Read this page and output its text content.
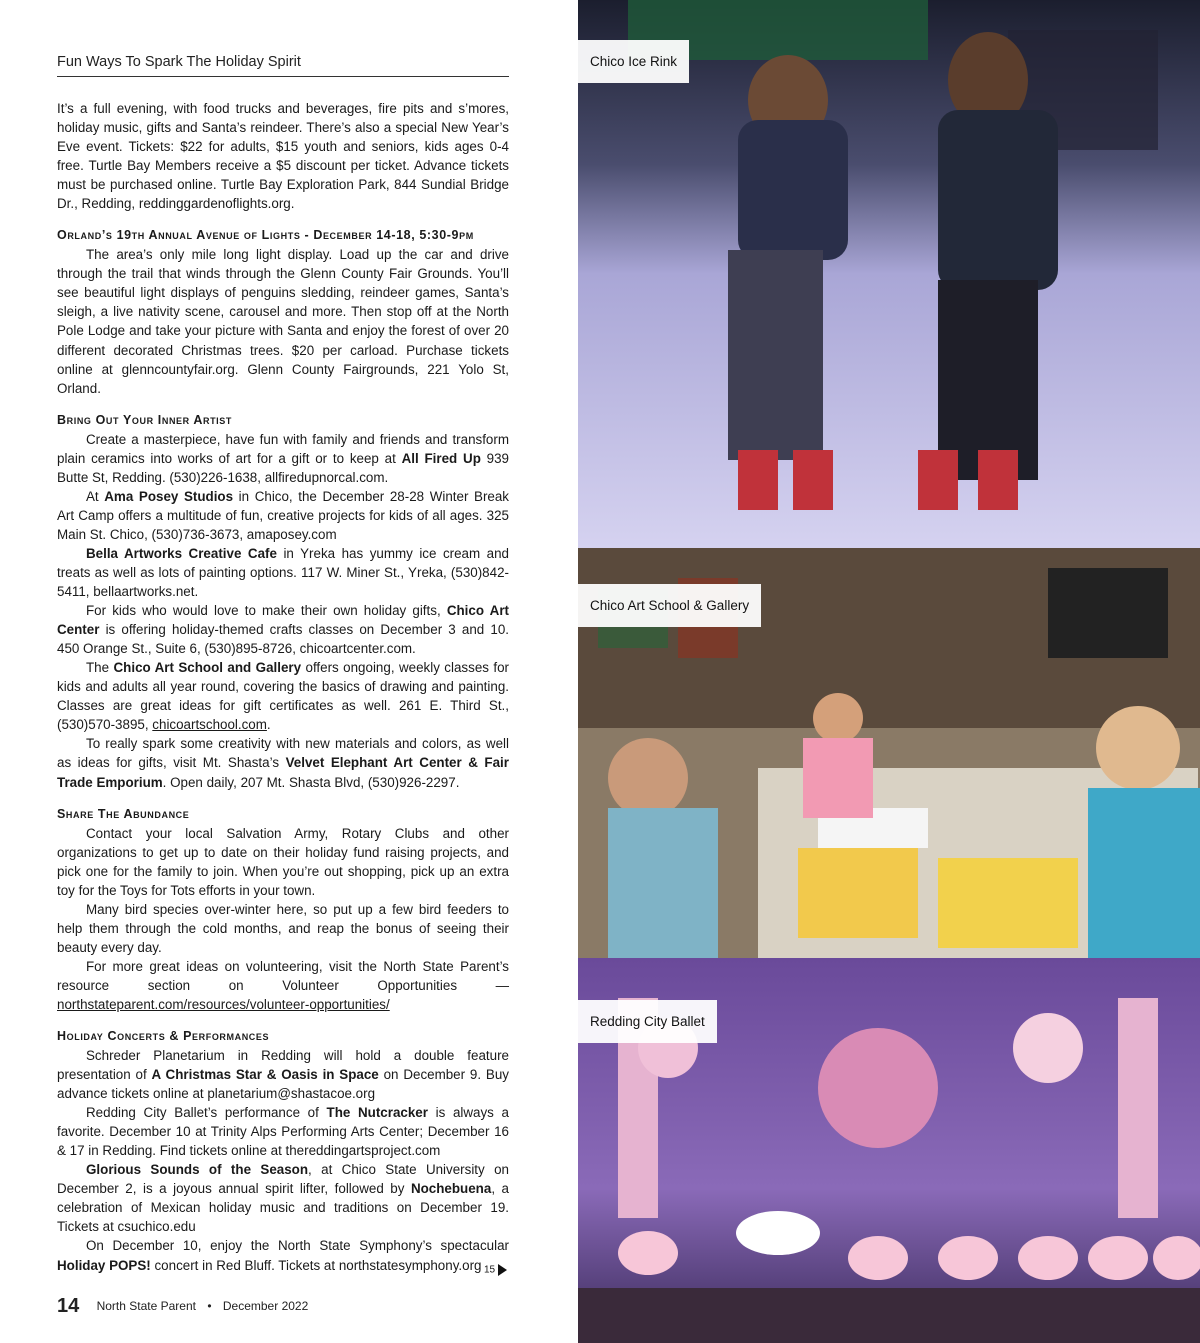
Fun Ways To Spark The Holiday Spirit

It’s a full evening, with food trucks and beverages, fire pits and s’mores, holiday music, gifts and Santa’s reindeer. There’s also a special New Year’s Eve event. Tickets: $22 for adults, $15 youth and seniors, kids ages 0-4 free. Turtle Bay Members receive a $5 discount per ticket. Advance tickets must be purchased online. Turtle Bay Exploration Park, 844 Sundial Bridge Dr., Redding, reddinggardenoflights.org.

Orland’s 19th Annual Avenue of Lights - December 14-18, 5:30-9pm

The area’s only mile long light display. Load up the car and drive through the trail that winds through the Glenn County Fair Grounds. You’ll see beautiful light displays of penguins sledding, reindeer games, Santa’s sleigh, a live nativity scene, carousel and more. Then stop off at the North Pole Lodge and take your picture with Santa and enjoy the forest of over 20 different decorated Christmas trees. $20 per carload. Purchase tickets online at glenncountyfair.org. Glenn County Fairgrounds, 221 Yolo St, Orland.

Bring Out Your Inner Artist

Create a masterpiece, have fun with family and friends and transform plain ceramics into works of art for a gift or to keep at All Fired Up 939 Butte St, Redding. (530)226-1638, allfiredupnorcal.com.

At Ama Posey Studios in Chico, the December 28-28 Winter Break Art Camp offers a multitude of fun, creative projects for kids of all ages. 325 Main St. Chico, (530)736-3673, amaposey.com

Bella Artworks Creative Cafe in Yreka has yummy ice cream and treats as well as lots of painting options. 117 W. Miner St., Yreka, (530)842-5411, bellaartworks.net.

For kids who would love to make their own holiday gifts, Chico Art Center is offering holiday-themed crafts classes on December 3 and 10. 450 Orange St., Suite 6, (530)895-8726, chicoartcenter.com.

The Chico Art School and Gallery offers ongoing, weekly classes for kids and adults all year round, covering the basics of drawing and painting. Classes are great ideas for gift certificates as well. 261 E. Third St., (530)570-3895, chicoartschool.com.

To really spark some creativity with new materials and colors, as well as ideas for gifts, visit Mt. Shasta’s Velvet Elephant Art Center & Fair Trade Emporium. Open daily, 207 Mt. Shasta Blvd, (530)926-2297.

Share The Abundance

Contact your local Salvation Army, Rotary Clubs and other organizations to get up to date on their holiday fund raising projects, and pick one for the family to join. When you’re out shopping, pick up an extra toy for the Toys for Tots efforts in your town.

Many bird species over-winter here, so put up a few bird feeders to help them through the cold months, and reap the bonus of seeing their beauty every day.

For more great ideas on volunteering, visit the North State Parent’s resource section on Volunteer Opportunities — northstateparent.com/resources/volunteer-opportunities/

Holiday Concerts & Performances

Schreder Planetarium in Redding will hold a double feature presentation of A Christmas Star & Oasis in Space on December 9. Buy advance tickets online at planetarium@shastacoe.org

Redding City Ballet’s performance of The Nutcracker is always a favorite. December 10 at Trinity Alps Performing Arts Center; December 16 & 17 in Redding. Find tickets online at thereddingartsproject.com

Glorious Sounds of the Season, at Chico State University on December 2, is a joyous annual spirit lifter, followed by Nochebuena, a celebration of Mexican holiday music and traditions on December 19. Tickets at csuchico.edu

On December 10, enjoy the North State Symphony’s spectacular Holiday POPS! concert in Red Bluff. Tickets at northstatesymphony.org 15
14 North State Parent • December 2022
Chico Ice Rink
Chico Art School & Gallery
Redding City Ballet
